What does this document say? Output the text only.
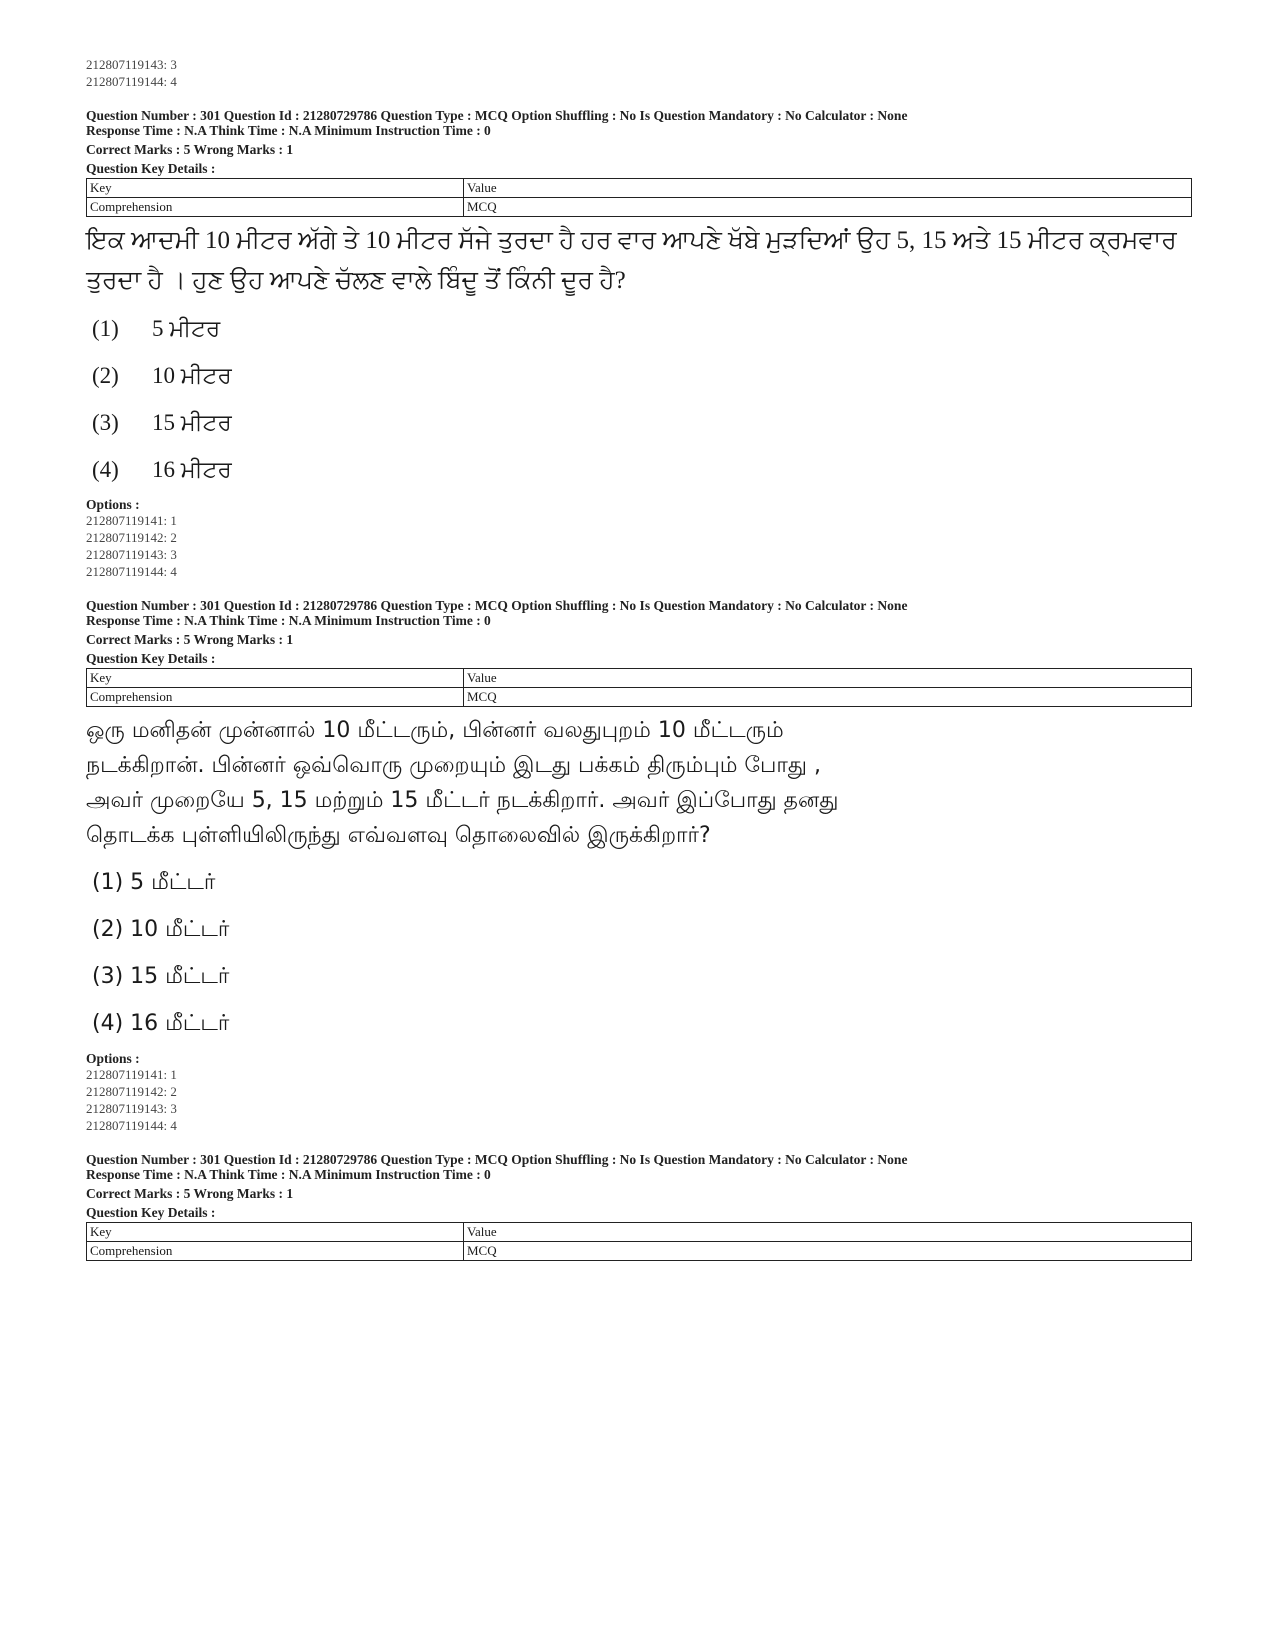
212807119143: 3
212807119144: 4
Question Number : 301 Question Id : 21280729786 Question Type : MCQ Option Shuffling : No Is Question Mandatory : No Calculator : None
Response Time : N.A Think Time : N.A Minimum Instruction Time : 0
Correct Marks : 5 Wrong Marks : 1
Question Key Details :
Key	Value
Comprehension	MCQ
ਇਕ ਆਦਮੀ 10 ਮੀਟਰ ਅੱਗੇ ਤੇ 10 ਮੀਟਰ ਸੱਜੇ ਤੁਰਦਾ ਹੈ ਹਰ ਵਾਰ ਆਪਣੇ ਖੱਬੇ ਮੁੜਦਿਆਂ ਉਹ 5, 15 ਅਤੇ 15 ਮੀਟਰ ਕ੍ਰਮਵਾਰ ਤੁਰਦਾ ਹੈ । ਹੁਣ ਉਹ ਆਪਣੇ ਚੱਲਣ ਵਾਲੇ ਬਿੰਦੂ ਤੋਂ ਕਿੰਨੀ ਦੂਰ ਹੈ?
(1)	5 ਮੀਟਰ
(2)	10 ਮੀਟਰ
(3)	15 ਮੀਟਰ
(4)	16 ਮੀਟਰ
Options :
212807119141: 1
212807119142: 2
212807119143: 3
212807119144: 4
Question Number : 301 Question Id : 21280729786 Question Type : MCQ Option Shuffling : No Is Question Mandatory : No Calculator : None
Response Time : N.A Think Time : N.A Minimum Instruction Time : 0
Correct Marks : 5 Wrong Marks : 1
Question Key Details :
Key	Value
Comprehension	MCQ
ஒரு மனிதன் முன்னால் 10 மீட்டரும், பின்னர் வலதுபுறம் 10 மீட்டரும்
நடக்கிறான். பின்னர் ஒவ்வொரு முறையும் இடது பக்கம் திரும்பும் போது ,
அவர் முறையே 5, 15 மற்றும் 15 மீட்டர் நடக்கிறார். அவர் இப்போது தனது
தொடக்க புள்ளியிலிருந்து எவ்வளவு தொலைவில் இருக்கிறார்?
(1) 5 மீட்டர்
(2) 10 மீட்டர்
(3) 15 மீட்டர்
(4) 16 மீட்டர்
Options :
212807119141: 1
212807119142: 2
212807119143: 3
212807119144: 4
Question Number : 301 Question Id : 21280729786 Question Type : MCQ Option Shuffling : No Is Question Mandatory : No Calculator : None
Response Time : N.A Think Time : N.A Minimum Instruction Time : 0
Correct Marks : 5 Wrong Marks : 1
Question Key Details :
Key	Value
Comprehension	MCQ
